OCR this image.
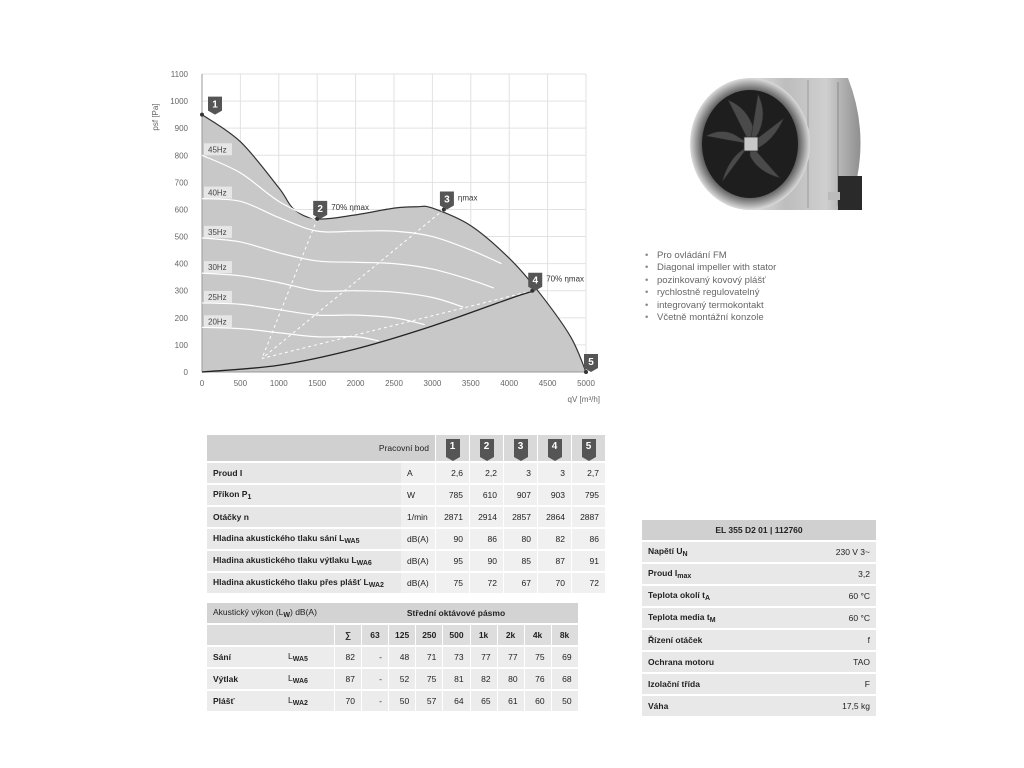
45Hz
40Hz
35Hz
30Hz
25Hz
20Hz
0	500	1000	1500	2000	2500	3000	3500	4000	4500	5000
0
100
200
300
400
500
600
700
800
900
1000
1100
psf [Pa]
qV [m³/h]
1
2 70% ηmax
3 ηmax
4 70% ηmax
5
• Pro ovládání FM
• Diagonal impeller with stator
• pozinkovaný kovový plášť
• rychlostně regulovatelný
• integrovaný termokontakt
• Včetně montážní konzole
Pracovní bod		1	2	3	4	5
Proud I	A	2,6	2,2	3	3	2,7
Příkon $P_1$	W	785	610	907	903	795
Otáčky n	1/min	2871	2914	2857	2864	2887
Hladina akustického tlaku sání $L_{WA5}$	dB(A)	90	86	80	82	86
Hladina akustického tlaku výtlaku $L_{WA6}$	dB(A)	95	90	85	87	91
Hladina akustického tlaku přes plášť $L_{WA2}$	dB(A)	75	72	67	70	72
Akustický výkon $(L_W)$ dB(A)		Střední oktávové pásmo								
		∑	63	125	250	500	1k	2k	4k	8k
Sání	$L_{WA5}$	82	-	48	71	73	77	77	75	69
Výtlak	$L_{WA6}$	87	-	52	75	81	82	80	76	68
Plášť	$L_{WA2}$	70	-	50	57	64	65	61	60	50
EL 355 D2 01 | 112760	
Napětí $U_N$	230 V 3~
Proud $I_{max}$	3,2
Teplota okolí $t_A$	60 °C
Teplota media $t_M$	60 °C
Řízení otáček	f
Ochrana motoru	TAO
Izolační třída	F
Váha	17,5 kg
